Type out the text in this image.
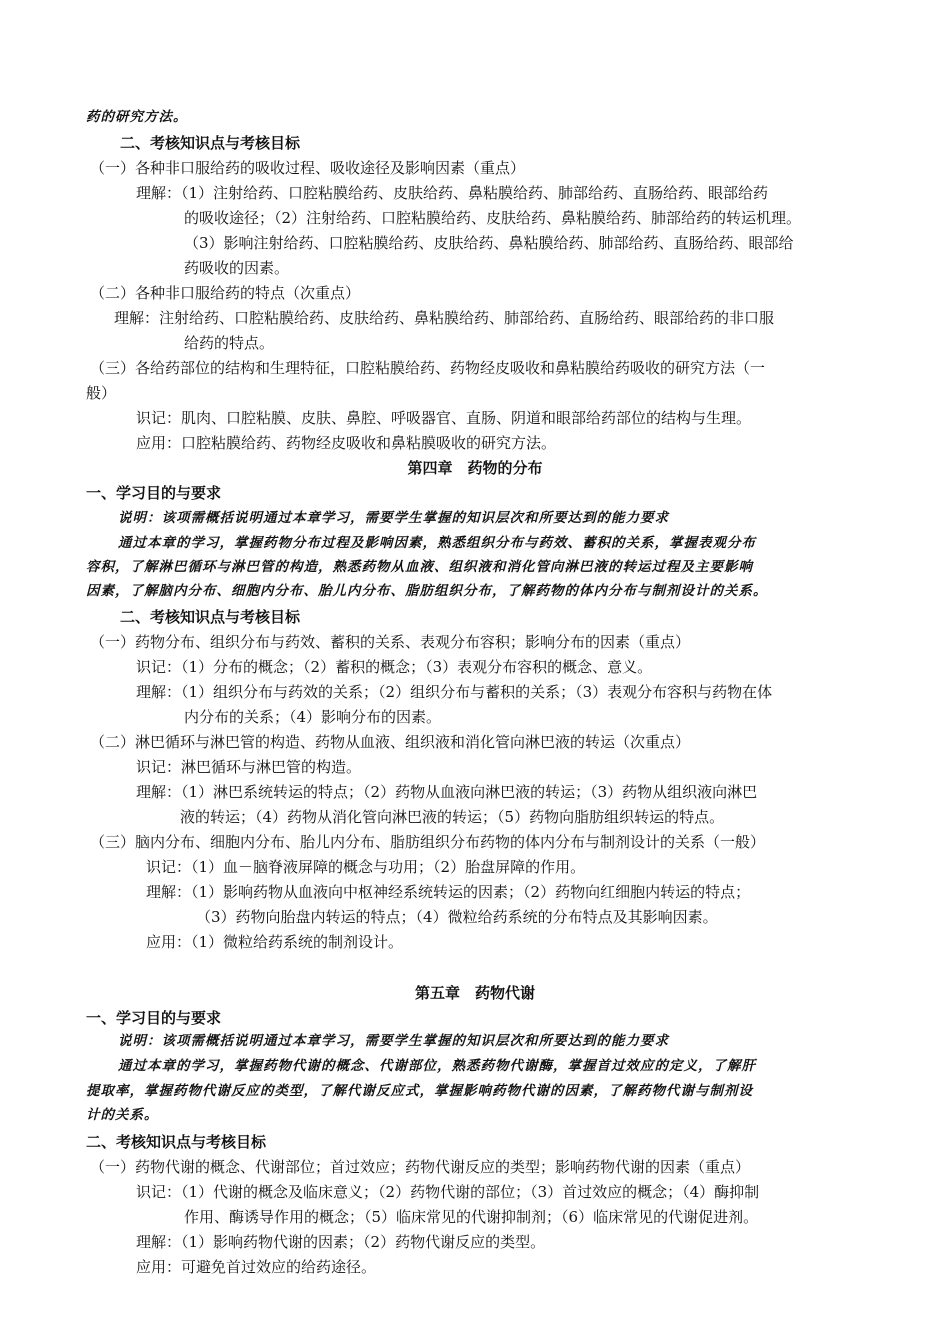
药的研究方法。
二、考核知识点与考核目标
（一）各种非口服给药的吸收过程、吸收途径及影响因素（重点）
理解：（1）注射给药、口腔粘膜给药、皮肤给药、鼻粘膜给药、肺部给药、直肠给药、眼部给药
的吸收途径；（2）注射给药、口腔粘膜给药、皮肤给药、鼻粘膜给药、肺部给药的转运机理。
（3）影响注射给药、口腔粘膜给药、皮肤给药、鼻粘膜给药、肺部给药、直肠给药、眼部给
药吸收的因素。
（二）各种非口服给药的特点（次重点）
理解：注射给药、口腔粘膜给药、皮肤给药、鼻粘膜给药、肺部给药、直肠给药、眼部给药的非口服
给药的特点。
（三）各给药部位的结构和生理特征，口腔粘膜给药、药物经皮吸收和鼻粘膜给药吸收的研究方法（一
般）
识记：肌肉、口腔粘膜、皮肤、鼻腔、呼吸器官、直肠、阴道和眼部给药部位的结构与生理。
应用：口腔粘膜给药、药物经皮吸收和鼻粘膜吸收的研究方法。
第四章　药物的分布
一、学习目的与要求
说明：该项需概括说明通过本章学习，需要学生掌握的知识层次和所要达到的能力要求
通过本章的学习，掌握药物分布过程及影响因素，熟悉组织分布与药效、蓄积的关系，掌握表观分布
容积，了解淋巴循环与淋巴管的构造，熟悉药物从血液、组织液和消化管向淋巴液的转运过程及主要影响
因素，了解脑内分布、细胞内分布、胎儿内分布、脂肪组织分布，了解药物的体内分布与制剂设计的关系。
二、考核知识点与考核目标
（一）药物分布、组织分布与药效、蓄积的关系、表观分布容积；影响分布的因素（重点）
识记：（1）分布的概念；（2）蓄积的概念；（3）表观分布容积的概念、意义。
理解：（1）组织分布与药效的关系；（2）组织分布与蓄积的关系；（3）表观分布容积与药物在体
内分布的关系；（4）影响分布的因素。
（二）淋巴循环与淋巴管的构造、药物从血液、组织液和消化管向淋巴液的转运（次重点）
识记：淋巴循环与淋巴管的构造。
理解：（1）淋巴系统转运的特点；（2）药物从血液向淋巴液的转运；（3）药物从组织液向淋巴
液的转运；（4）药物从消化管向淋巴液的转运；（5）药物向脂肪组织转运的特点。
（三）脑内分布、细胞内分布、胎儿内分布、脂肪组织分布药物的体内分布与制剂设计的关系（一般）
识记：（1）血－脑脊液屏障的概念与功用；（2）胎盘屏障的作用。
理解：（1）影响药物从血液向中枢神经系统转运的因素；（2）药物向红细胞内转运的特点；
（3）药物向胎盘内转运的特点；（4）微粒给药系统的分布特点及其影响因素。
应用：（1）微粒给药系统的制剂设计。
第五章　药物代谢
一、学习目的与要求
说明：该项需概括说明通过本章学习，需要学生掌握的知识层次和所要达到的能力要求
通过本章的学习，掌握药物代谢的概念、代谢部位，熟悉药物代谢酶，掌握首过效应的定义，了解肝
提取率，掌握药物代谢反应的类型，了解代谢反应式，掌握影响药物代谢的因素，了解药物代谢与制剂设
计的关系。
二、考核知识点与考核目标
（一）药物代谢的概念、代谢部位；首过效应；药物代谢反应的类型；影响药物代谢的因素（重点）
识记：（1）代谢的概念及临床意义；（2）药物代谢的部位；（3）首过效应的概念；（4）酶抑制
作用、酶诱导作用的概念；（5）临床常见的代谢抑制剂；（6）临床常见的代谢促进剂。
理解：（1）影响药物代谢的因素；（2）药物代谢反应的类型。
应用：可避免首过效应的给药途径。
